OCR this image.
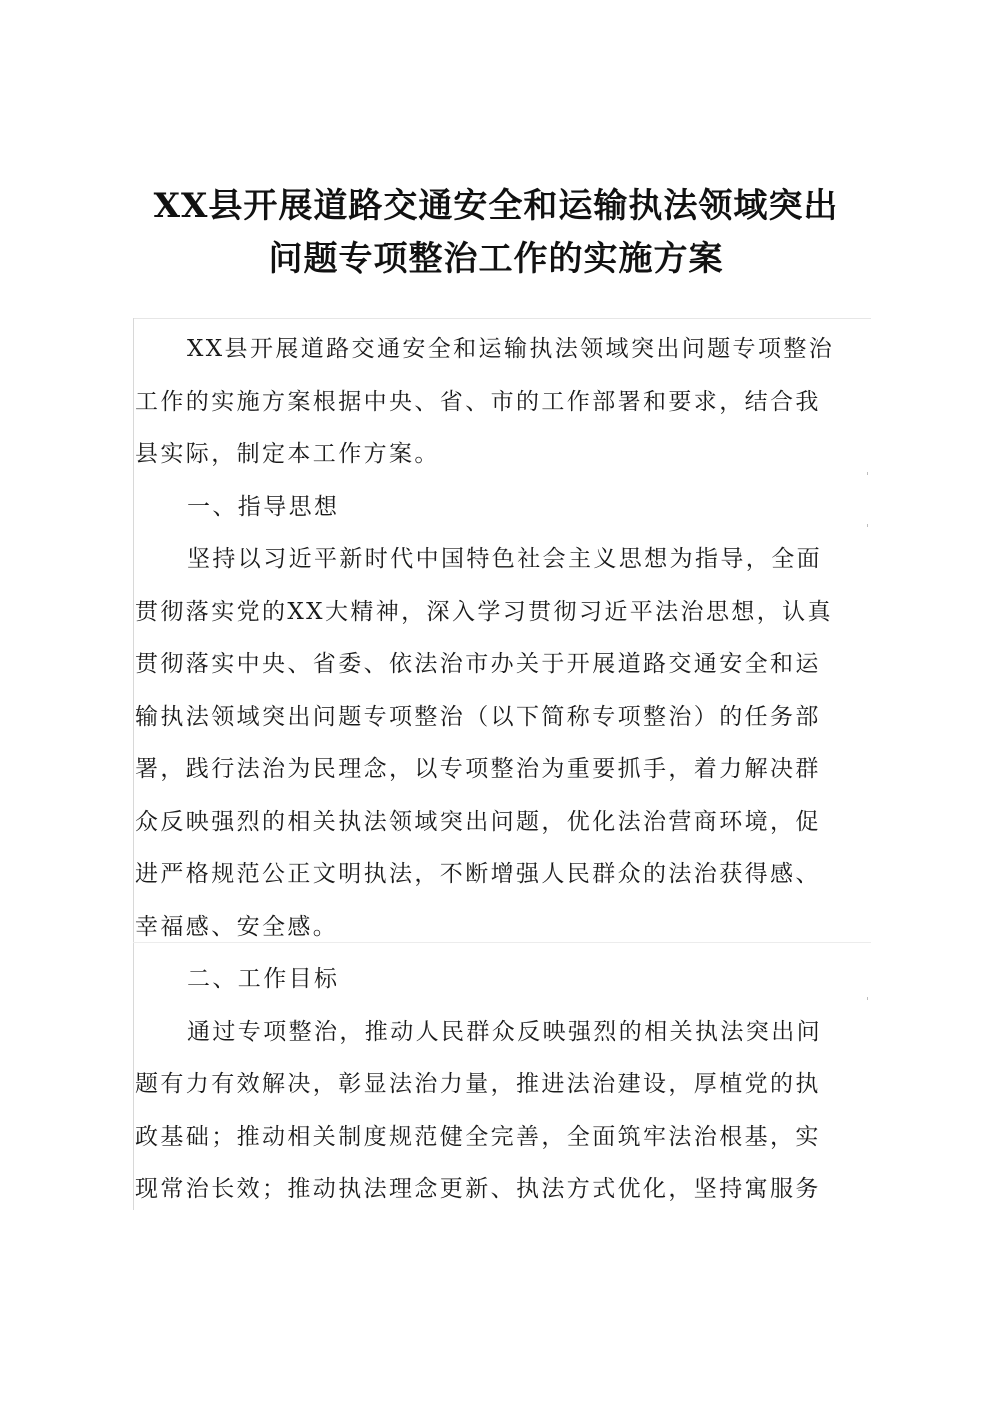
XX县开展道路交通安全和运输执法领域突出
问题专项整治工作的实施方案
XX县开展道路交通安全和运输执法领域突出问题专项整治
工作的实施方案根据中央、省、市的工作部署和要求，结合我
县实际，制定本工作方案。
一、指导思想
坚持以习近平新时代中国特色社会主义思想为指导，全面
贯彻落实党的XX大精神，深入学习贯彻习近平法治思想，认真
贯彻落实中央、省委、依法治市办关于开展道路交通安全和运
输执法领域突出问题专项整治（以下简称专项整治）的任务部
署，践行法治为民理念，以专项整治为重要抓手，着力解决群
众反映强烈的相关执法领域突出问题，优化法治营商环境，促
进严格规范公正文明执法，不断增强人民群众的法治获得感、
幸福感、安全感。
二、工作目标
通过专项整治，推动人民群众反映强烈的相关执法突出问
题有力有效解决，彰显法治力量，推进法治建设，厚植党的执
政基础；推动相关制度规范健全完善，全面筑牢法治根基，实
现常治长效；推动执法理念更新、执法方式优化，坚持寓服务
